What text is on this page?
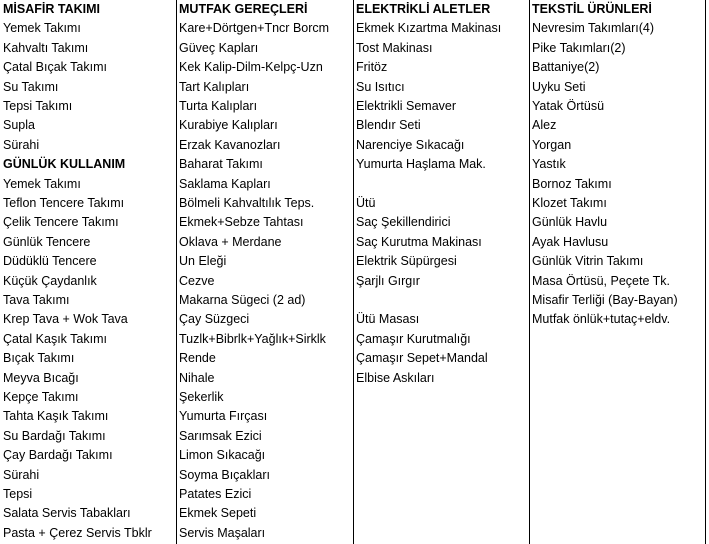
MİSAFİR TAKIMI
Yemek Takımı
Kahvaltı Takımı
Çatal Bıçak Takımı
Su Takımı
Tepsi Takımı
Supla
Sürahi
GÜNLÜK KULLANIM
Yemek Takımı
Teflon Tencere Takımı
Çelik Tencere Takımı
Günlük Tencere
Düdüklü Tencere
Küçük Çaydanlık
Tava Takımı
Krep Tava + Wok Tava
Çatal Kaşık Takımı
Bıçak Takımı
Meyva Bıcağı
Kepçe Takımı
Tahta Kaşık Takımı
Su Bardağı Takımı
Çay Bardağı Takımı
Sürahi
Tepsi
Salata Servis Tabakları
Pasta + Çerez Servis Tbklr
MUTFAK GEREÇLERİ
Kare+Dörtgen+Tncr Borcm
Güveç Kapları
Kek Kalip-Dilm-Kelpç-Uzn
Tart Kalıpları
Turta Kalıpları
Kurabiye Kalıpları
Erzak Kavanozları
Baharat Takımı
Saklama Kapları
Bölmeli Kahvaltılık Teps.
Ekmek+Sebze Tahtası
Oklava + Merdane
Un Eleği
Cezve
Makarna Sügeci (2 ad)
Çay Süzgeci
Tuzlk+Bibrlk+Yağlık+Sirklk
Rende
Nihale
Şekerlik
Yumurta Fırçası
Sarımsak Ezici
Limon Sıkacağı
Soyma Bıçakları
Patates Ezici
Ekmek Sepeti
Servis Maşaları
ELEKTRİKLİ ALETLER
Ekmek Kızartma Makinası
Tost Makinası
Fritöz
Su Isıtıcı
Elektrikli Semaver
Blendır Seti
Narenciye Sıkacağı
Yumurta Haşlama Mak.
Ütü
Saç Şekillendirici
Saç Kurutma Makinası
Elektrik Süpürgesi
Şarjlı Gırgır
Ütü Masası
Çamaşır Kurutmalığı
Çamaşır Sepet+Mandal
Elbise Askıları
TEKSTİL ÜRÜNLERİ
Nevresim Takımları(4)
Pike Takımları(2)
Battaniye(2)
Uyku Seti
Yatak Örtüsü
Alez
Yorgan
Yastık
Bornoz Takımı
Klozet Takımı
Günlük Havlu
Ayak Havlusu
Günlük Vitrin Takımı
Masa Örtüsü, Peçete Tk.
Misafir Terliği (Bay-Bayan)
Mutfak önlük+tutaç+eldv.
